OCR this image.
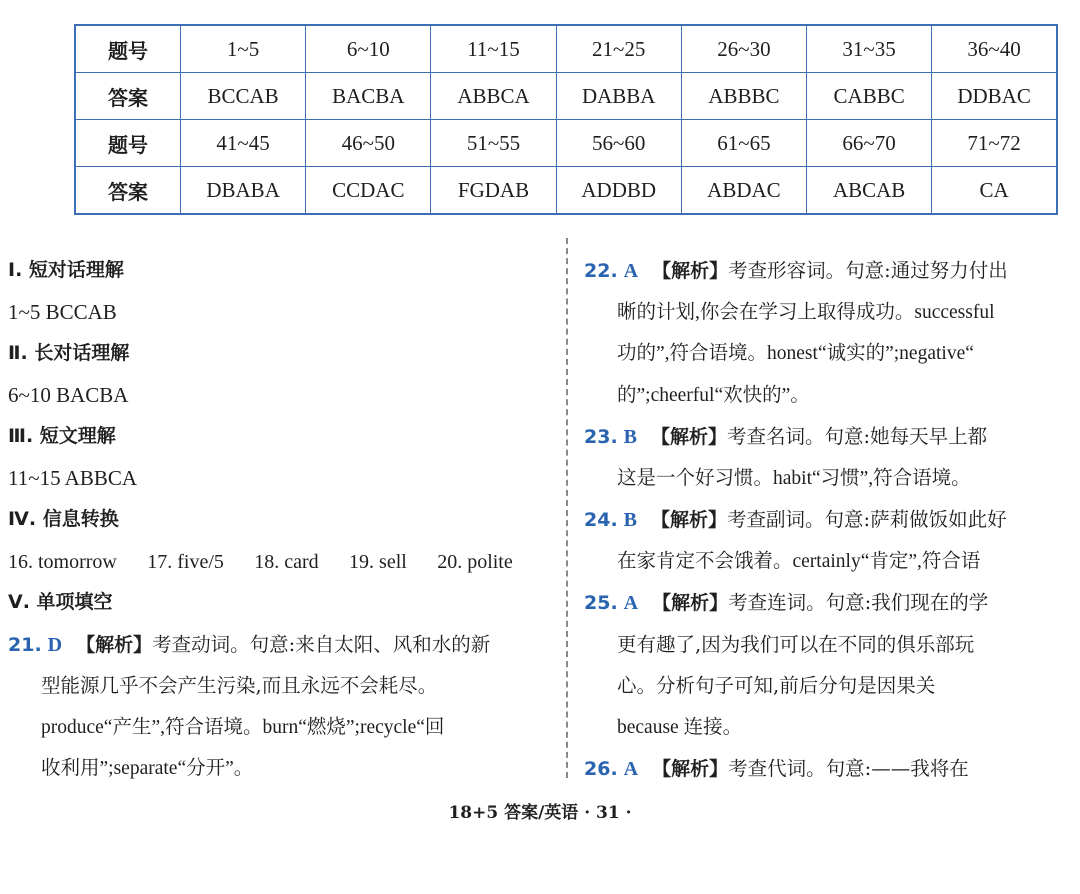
题号	1~5	6~10	11~15	21~25	26~30	31~35	36~40
答案	BCCAB	BACBA	ABBCA	DABBA	ABBBC	CABBC	DDBAC
题号	41~45	46~50	51~55	56~60	61~65	66~70	71~72
答案	DBABA	CCDAC	FGDAB	ADDBD	ABDAC	ABCAB	CA
Ⅰ. 短对话理解
1~5 BCCAB
Ⅱ. 长对话理解
6~10 BACBA
Ⅲ. 短文理解
11~15 ABBCA
Ⅳ. 信息转换
16. tomorrow 17. five/5 18. card 19. sell 20. polite
Ⅴ. 单项填空
21. D 【解析】考查动词。句意:来自太阳、风和水的新
型能源几乎不会产生污染,而且永远不会耗尽。
produce“产生”,符合语境。burn“燃烧”;recycle“回
收利用”;separate“分开”。
22. A 【解析】考查形容词。句意:通过努力付出
晰的计划,你会在学习上取得成功。successful
功的”,符合语境。honest“诚实的”;negative“
的”;cheerful“欢快的”。
23. B 【解析】考查名词。句意:她每天早上都
这是一个好习惯。habit“习惯”,符合语境。
24. B 【解析】考查副词。句意:萨莉做饭如此好
在家肯定不会饿着。certainly“肯定”,符合语
25. A 【解析】考查连词。句意:我们现在的学
更有趣了,因为我们可以在不同的俱乐部玩
心。分析句子可知,前后分句是因果关
because 连接。
26. A 【解析】考查代词。句意:——我将在
18+5 答案/英语 · 31 ·
